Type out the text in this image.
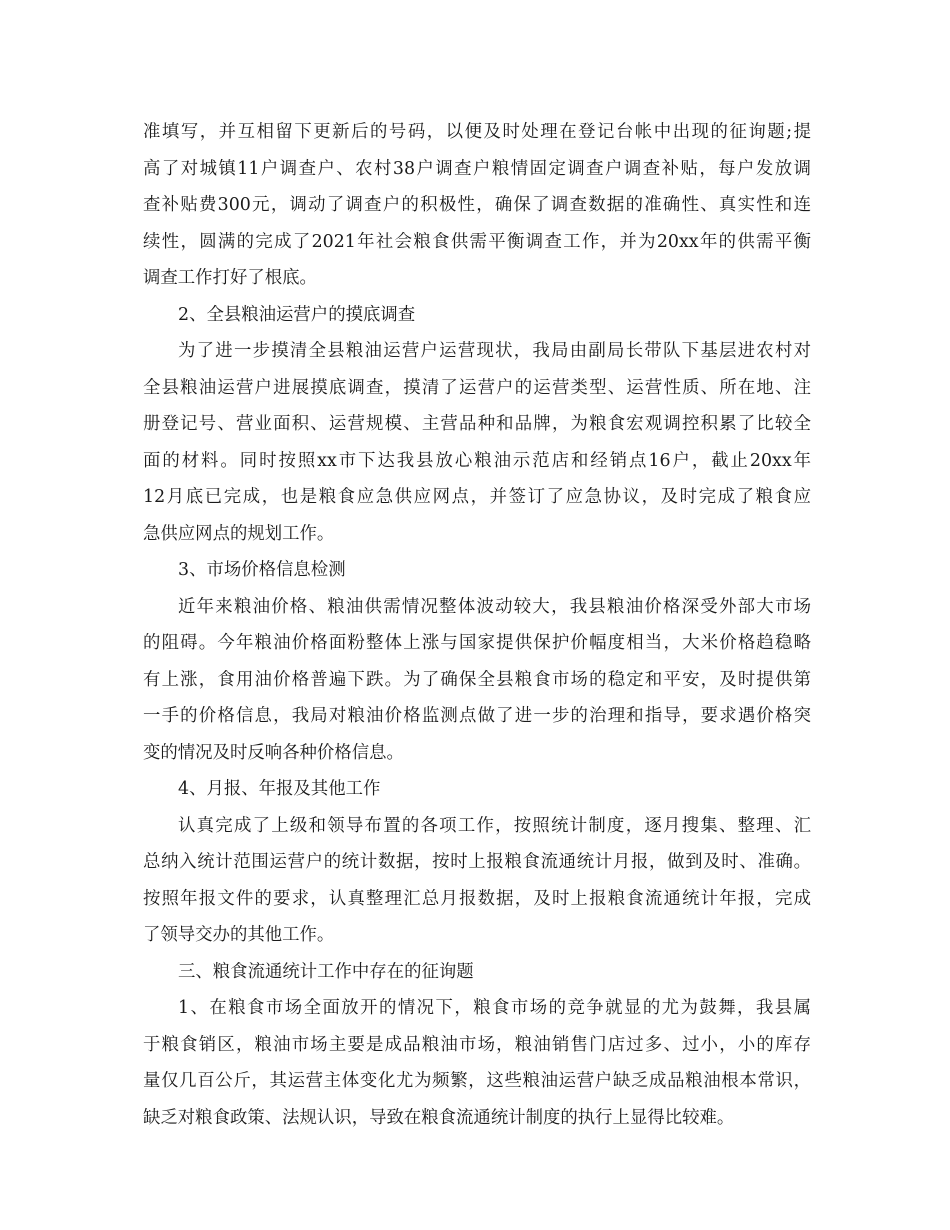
准填写，并互相留下更新后的号码，以便及时处理在登记台帐中出现的征询题;提
高了对城镇11户调查户、农村38户调查户粮情固定调查户调查补贴，每户发放调
查补贴费300元，调动了调查户的积极性，确保了调查数据的准确性、真实性和连
续性，圆满的完成了2021年社会粮食供需平衡调查工作，并为20xx年的供需平衡
调查工作打好了根底。
2、全县粮油运营户的摸底调查
为了进一步摸清全县粮油运营户运营现状，我局由副局长带队下基层进农村对
全县粮油运营户进展摸底调查，摸清了运营户的运营类型、运营性质、所在地、注
册登记号、营业面积、运营规模、主营品种和品牌，为粮食宏观调控积累了比较全
面的材料。同时按照xx市下达我县放心粮油示范店和经销点16户，截止20xx年
12月底已完成，也是粮食应急供应网点，并签订了应急协议，及时完成了粮食应
急供应网点的规划工作。
3、市场价格信息检测
近年来粮油价格、粮油供需情况整体波动较大，我县粮油价格深受外部大市场
的阻碍。今年粮油价格面粉整体上涨与国家提供保护价幅度相当，大米价格趋稳略
有上涨，食用油价格普遍下跌。为了确保全县粮食市场的稳定和平安，及时提供第
一手的价格信息，我局对粮油价格监测点做了进一步的治理和指导，要求遇价格突
变的情况及时反响各种价格信息。
4、月报、年报及其他工作
认真完成了上级和领导布置的各项工作，按照统计制度，逐月搜集、整理、汇
总纳入统计范围运营户的统计数据，按时上报粮食流通统计月报，做到及时、准确。
按照年报文件的要求，认真整理汇总月报数据，及时上报粮食流通统计年报，完成
了领导交办的其他工作。
三、粮食流通统计工作中存在的征询题
1、在粮食市场全面放开的情况下，粮食市场的竞争就显的尤为鼓舞，我县属
于粮食销区，粮油市场主要是成品粮油市场，粮油销售门店过多、过小，小的库存
量仅几百公斤，其运营主体变化尤为频繁，这些粮油运营户缺乏成品粮油根本常识，
缺乏对粮食政策、法规认识，导致在粮食流通统计制度的执行上显得比较难。
